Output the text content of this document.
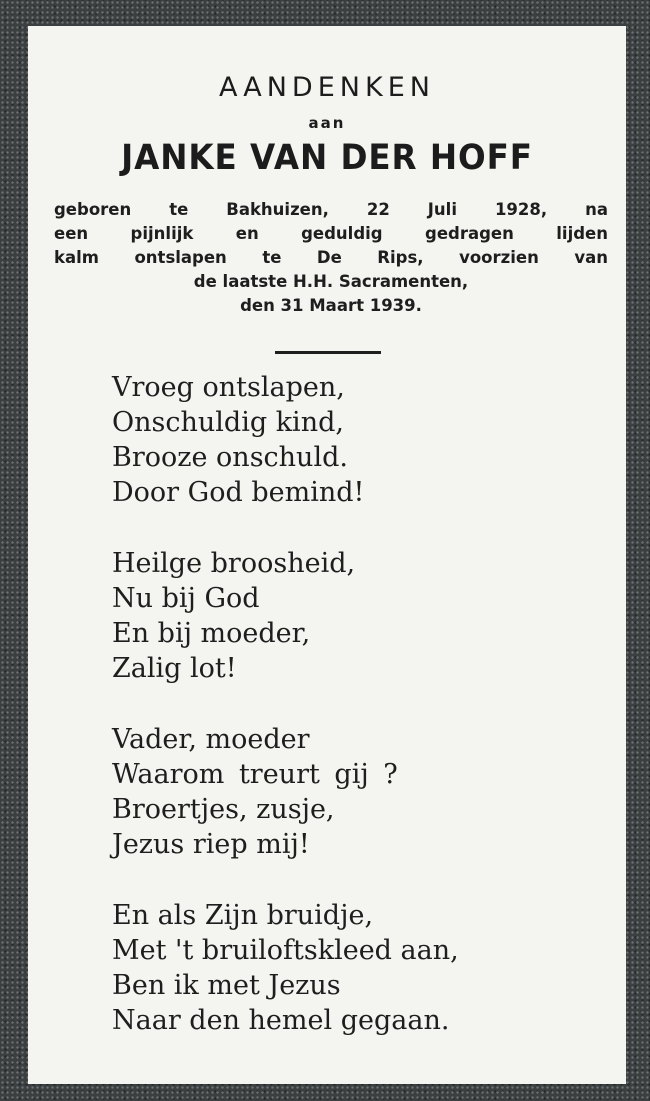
AANDENKEN
aan
JANKE VAN DER HOFF
geboren te Bakhuizen, 22 Juli 1928, na
een pijnlijk en geduldig gedragen lijden
kalm ontslapen te De Rips, voorzien van
de laatste H.H. Sacramenten,
den 31 Maart 1939.
Vroeg ontslapen,
Onschuldig kind,
Brooze onschuld.
Door God bemind!
Heilge broosheid,
Nu bij God
En bij moeder,
Zalig lot!
Vader, moeder
Waarom treurt gij ?
Broertjes, zusje,
Jezus riep mij!
En als Zijn bruidje,
Met 't bruiloftskleed aan,
Ben ik met Jezus
Naar den hemel gegaan.
